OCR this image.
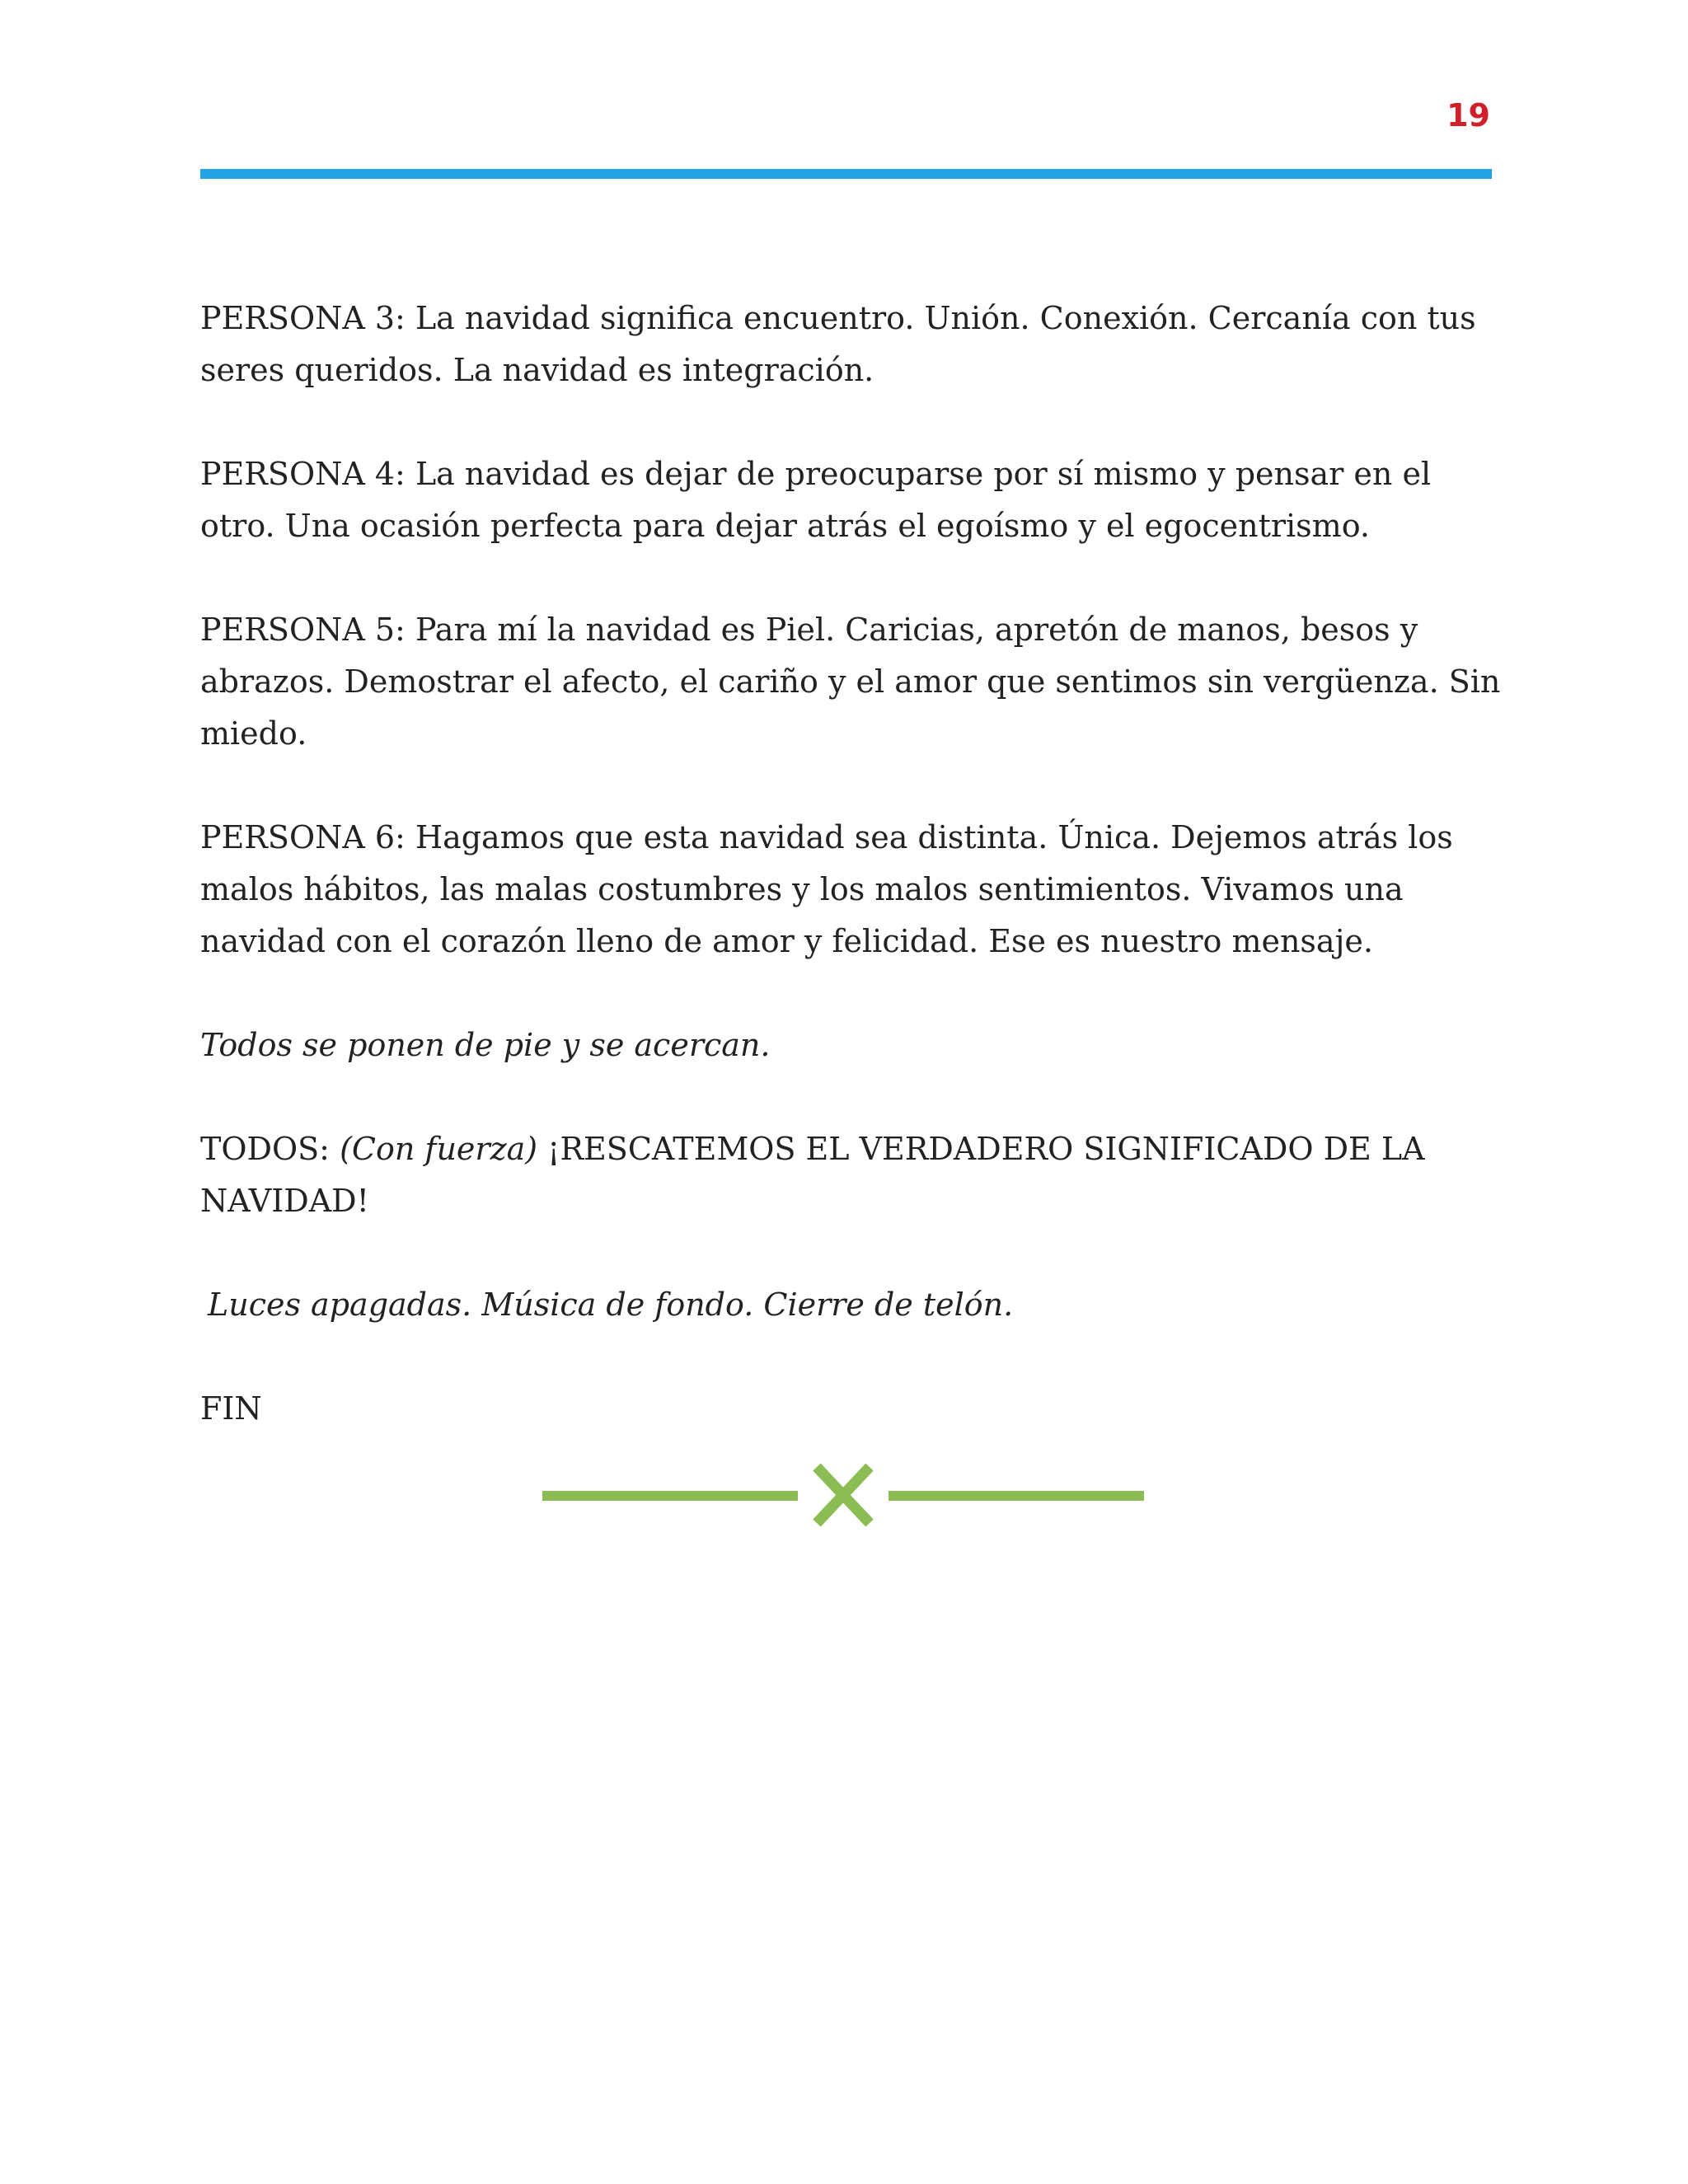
19

PERSONA 3: La navidad significa encuentro. Unión. Conexión. Cercanía con tus seres queridos. La navidad es integración.

PERSONA 4: La navidad es dejar de preocuparse por sí mismo y pensar en el otro. Una ocasión perfecta para dejar atrás el egoísmo y el egocentrismo.

PERSONA 5: Para mí la navidad es Piel. Caricias, apretón de manos, besos y abrazos. Demostrar el afecto, el cariño y el amor que sentimos sin vergüenza. Sin miedo.

PERSONA 6: Hagamos que esta navidad sea distinta. Única. Dejemos atrás los malos hábitos, las malas costumbres y los malos sentimientos. Vivamos una navidad con el corazón lleno de amor y felicidad. Ese es nuestro mensaje.

Todos se ponen de pie y se acercan.

TODOS: (Con fuerza) ¡RESCATEMOS EL VERDADERO SIGNIFICADO DE LA NAVIDAD!

Luces apagadas. Música de fondo. Cierre de telón.

FIN
